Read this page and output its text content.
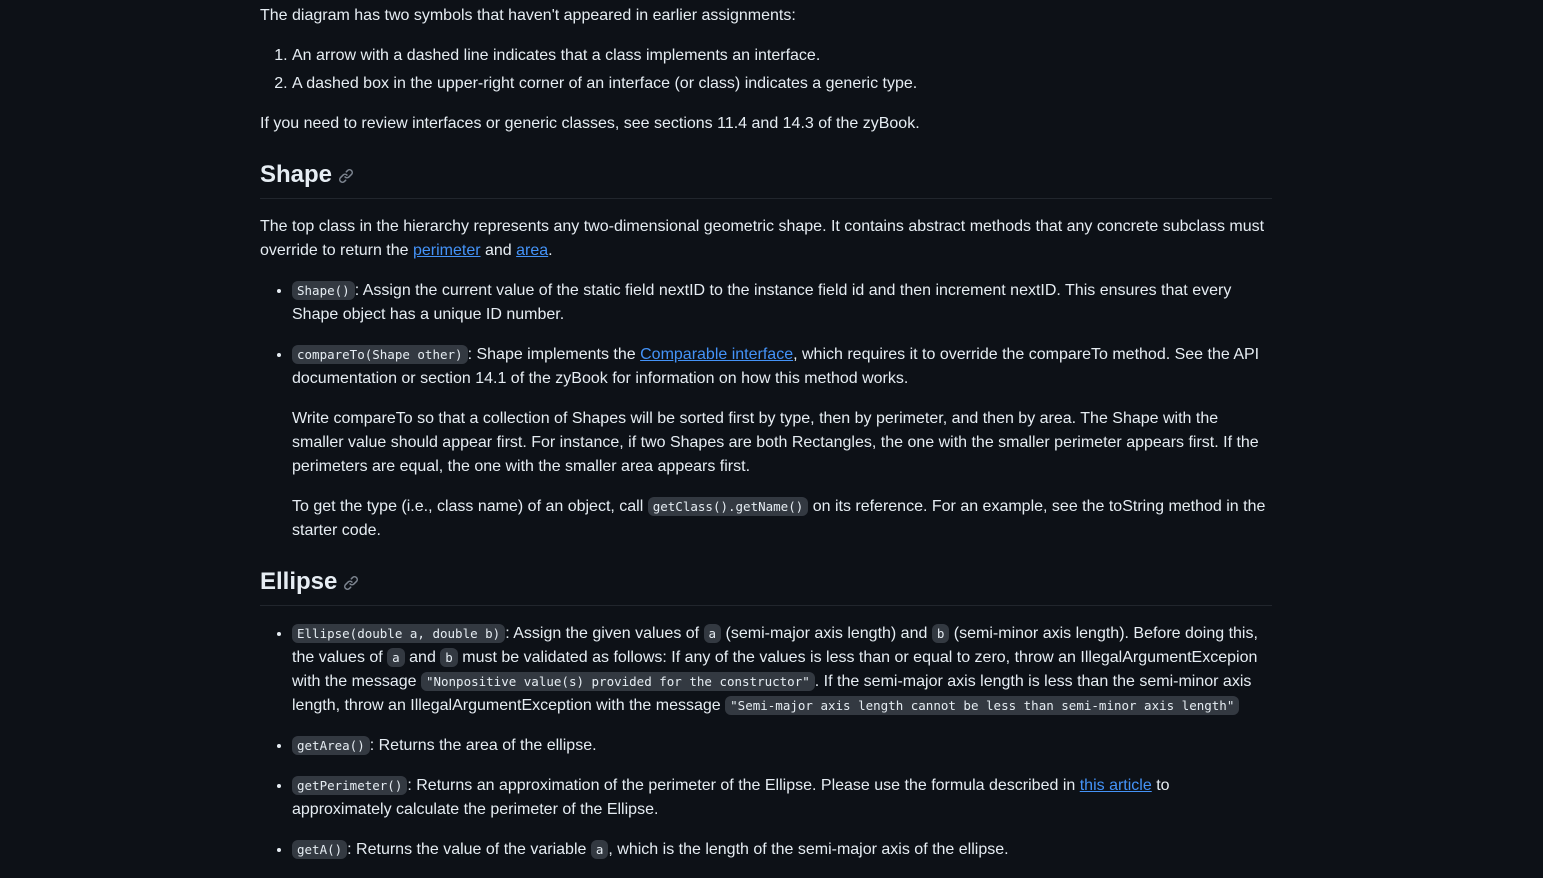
The diagram has two symbols that haven't appeared in earlier assignments:

1. An arrow with a dashed line indicates that a class implements an interface.
2. A dashed box in the upper-right corner of an interface (or class) indicates a generic type.

If you need to review interfaces or generic classes, see sections 11.4 and 14.3 of the zyBook.

Shape

The top class in the hierarchy represents any two-dimensional geometric shape. It contains abstract methods that any concrete subclass must override to return the perimeter and area.

• Shape() : Assign the current value of the static field nextID to the instance field id and then increment nextID. This ensures that every Shape object has a unique ID number.

• compareTo(Shape other) : Shape implements the Comparable interface, which requires it to override the compareTo method. See the API documentation or section 14.1 of the zyBook for information on how this method works.

Write compareTo so that a collection of Shapes will be sorted first by type, then by perimeter, and then by area. The Shape with the smaller value should appear first. For instance, if two Shapes are both Rectangles, the one with the smaller perimeter appears first. If the perimeters are equal, the one with the smaller area appears first.

To get the type (i.e., class name) of an object, call getClass().getName() on its reference. For an example, see the toString method in the starter code.

Ellipse
• Ellipse(double a, double b) : Assign the given values of a (semi-major axis length) and b (semi-minor axis length). Before doing this, the values of a and b must be validated as follows: If any of the values is less than or equal to zero, throw an IllegalArgumentExcepion with the message "Nonpositive value(s) provided for the constructor" . If the semi-major axis length is less than the semi-minor axis length, throw an IllegalArgumentException with the message "Semi-major axis length cannot be less than semi-minor axis length"
• getArea() : Returns the area of the ellipse.
• getPerimeter() : Returns an approximation of the perimeter of the Ellipse. Please use the formula described in this article to approximately calculate the perimeter of the Ellipse.
• getA() : Returns the value of the variable a , which is the length of the semi-major axis of the ellipse.
